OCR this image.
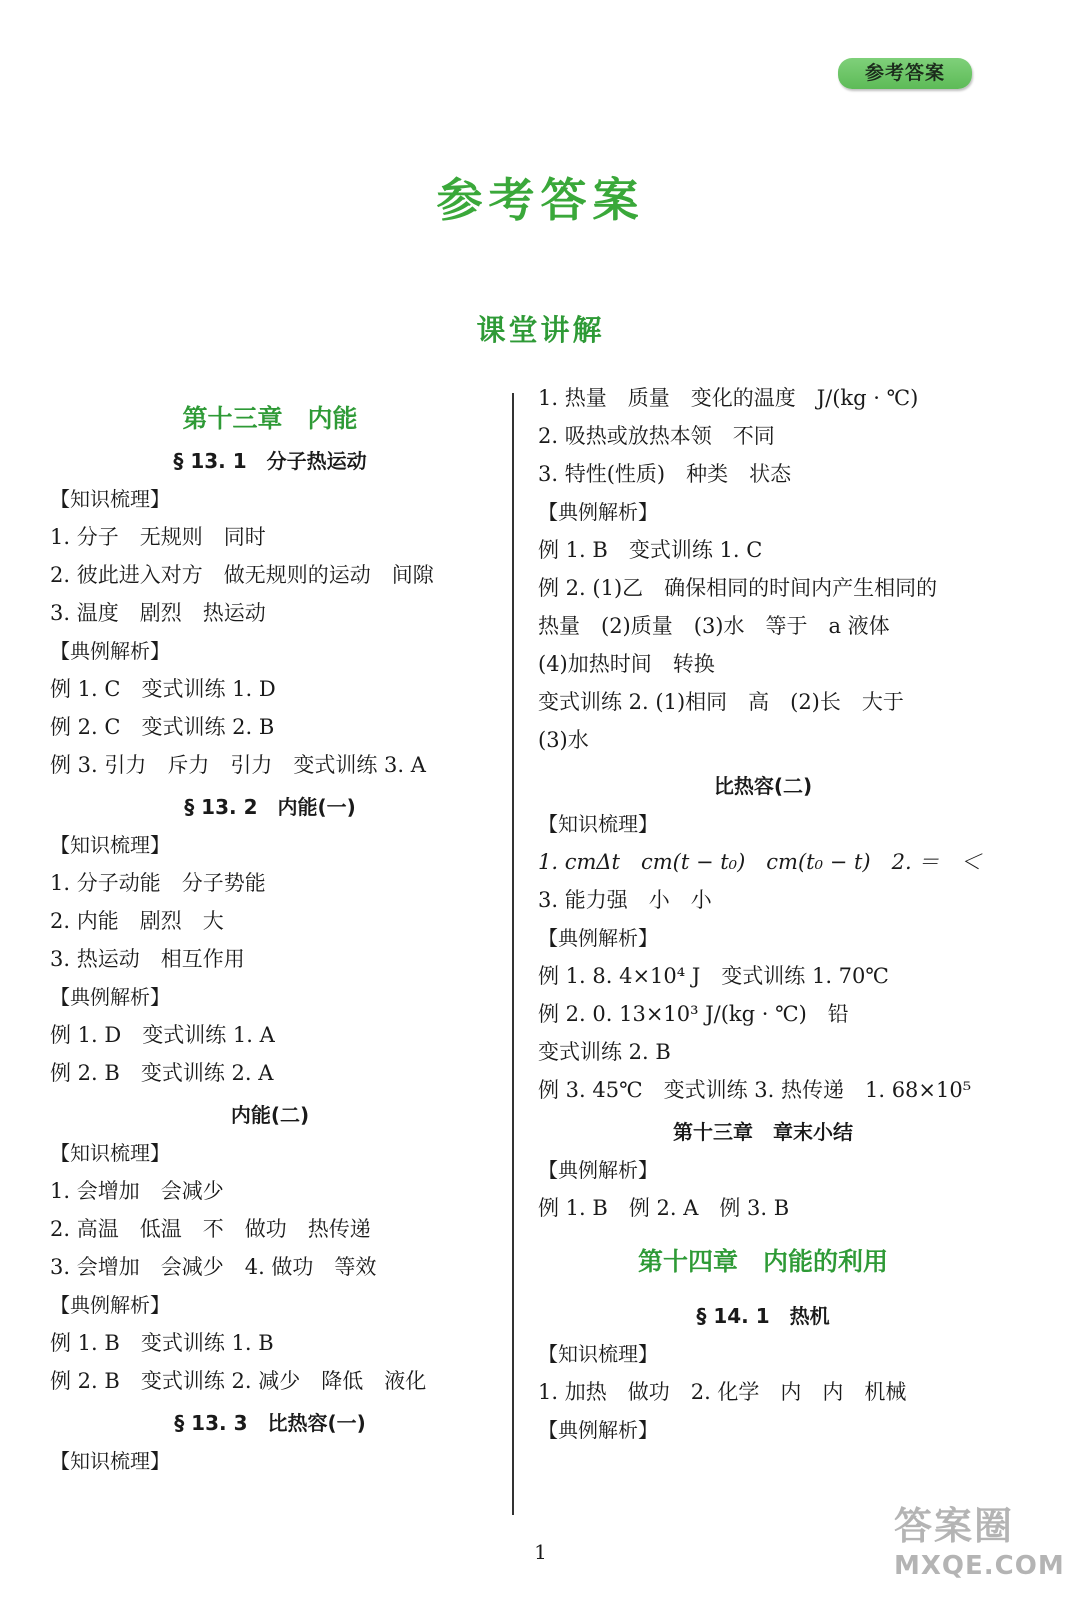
参考答案
参考答案
课堂讲解
第十三章　内能
§ 13. 1　分子热运动
【知识梳理】
1. 分子　无规则　同时
2. 彼此进入对方　做无规则的运动　间隙
3. 温度　剧烈　热运动
【典例解析】
例 1. C　变式训练 1. D
例 2. C　变式训练 2. B
例 3. 引力　斥力　引力　变式训练 3. A
§ 13. 2　内能(一)
【知识梳理】
1. 分子动能　分子势能
2. 内能　剧烈　大
3. 热运动　相互作用
【典例解析】
例 1. D　变式训练 1. A
例 2. B　变式训练 2. A
内能(二)
【知识梳理】
1. 会增加　会减少
2. 高温　低温　不　做功　热传递
3. 会增加　会减少　4. 做功　等效
【典例解析】
例 1. B　变式训练 1. B
例 2. B　变式训练 2. 减少　降低　液化
§ 13. 3　比热容(一)
【知识梳理】
1. 热量　质量　变化的温度　J/(kg · ℃)
2. 吸热或放热本领　不同
3. 特性(性质)　种类　状态
【典例解析】
例 1. B　变式训练 1. C
例 2. (1)乙　确保相同的时间内产生相同的
热量　(2)质量　(3)水　等于　a 液体
(4)加热时间　转换
变式训练 2. (1)相同　高　(2)长　大于
(3)水
比热容(二)
【知识梳理】
1. cmΔt　cm(t − t₀)　cm(t₀ − t)　2. ＝　＜
3. 能力强　小　小
【典例解析】
例 1. 8. 4×10⁴ J　变式训练 1. 70℃
例 2. 0. 13×10³ J/(kg · ℃)　铅
变式训练 2. B
例 3. 45℃　变式训练 3. 热传递　1. 68×10⁵
第十三章　章末小结
【典例解析】
例 1. B　例 2. A　例 3. B
第十四章　内能的利用
§ 14. 1　热机
【知识梳理】
1. 加热　做功　2. 化学　内　内　机械
【典例解析】
1
答案圈
MXQE.COM
